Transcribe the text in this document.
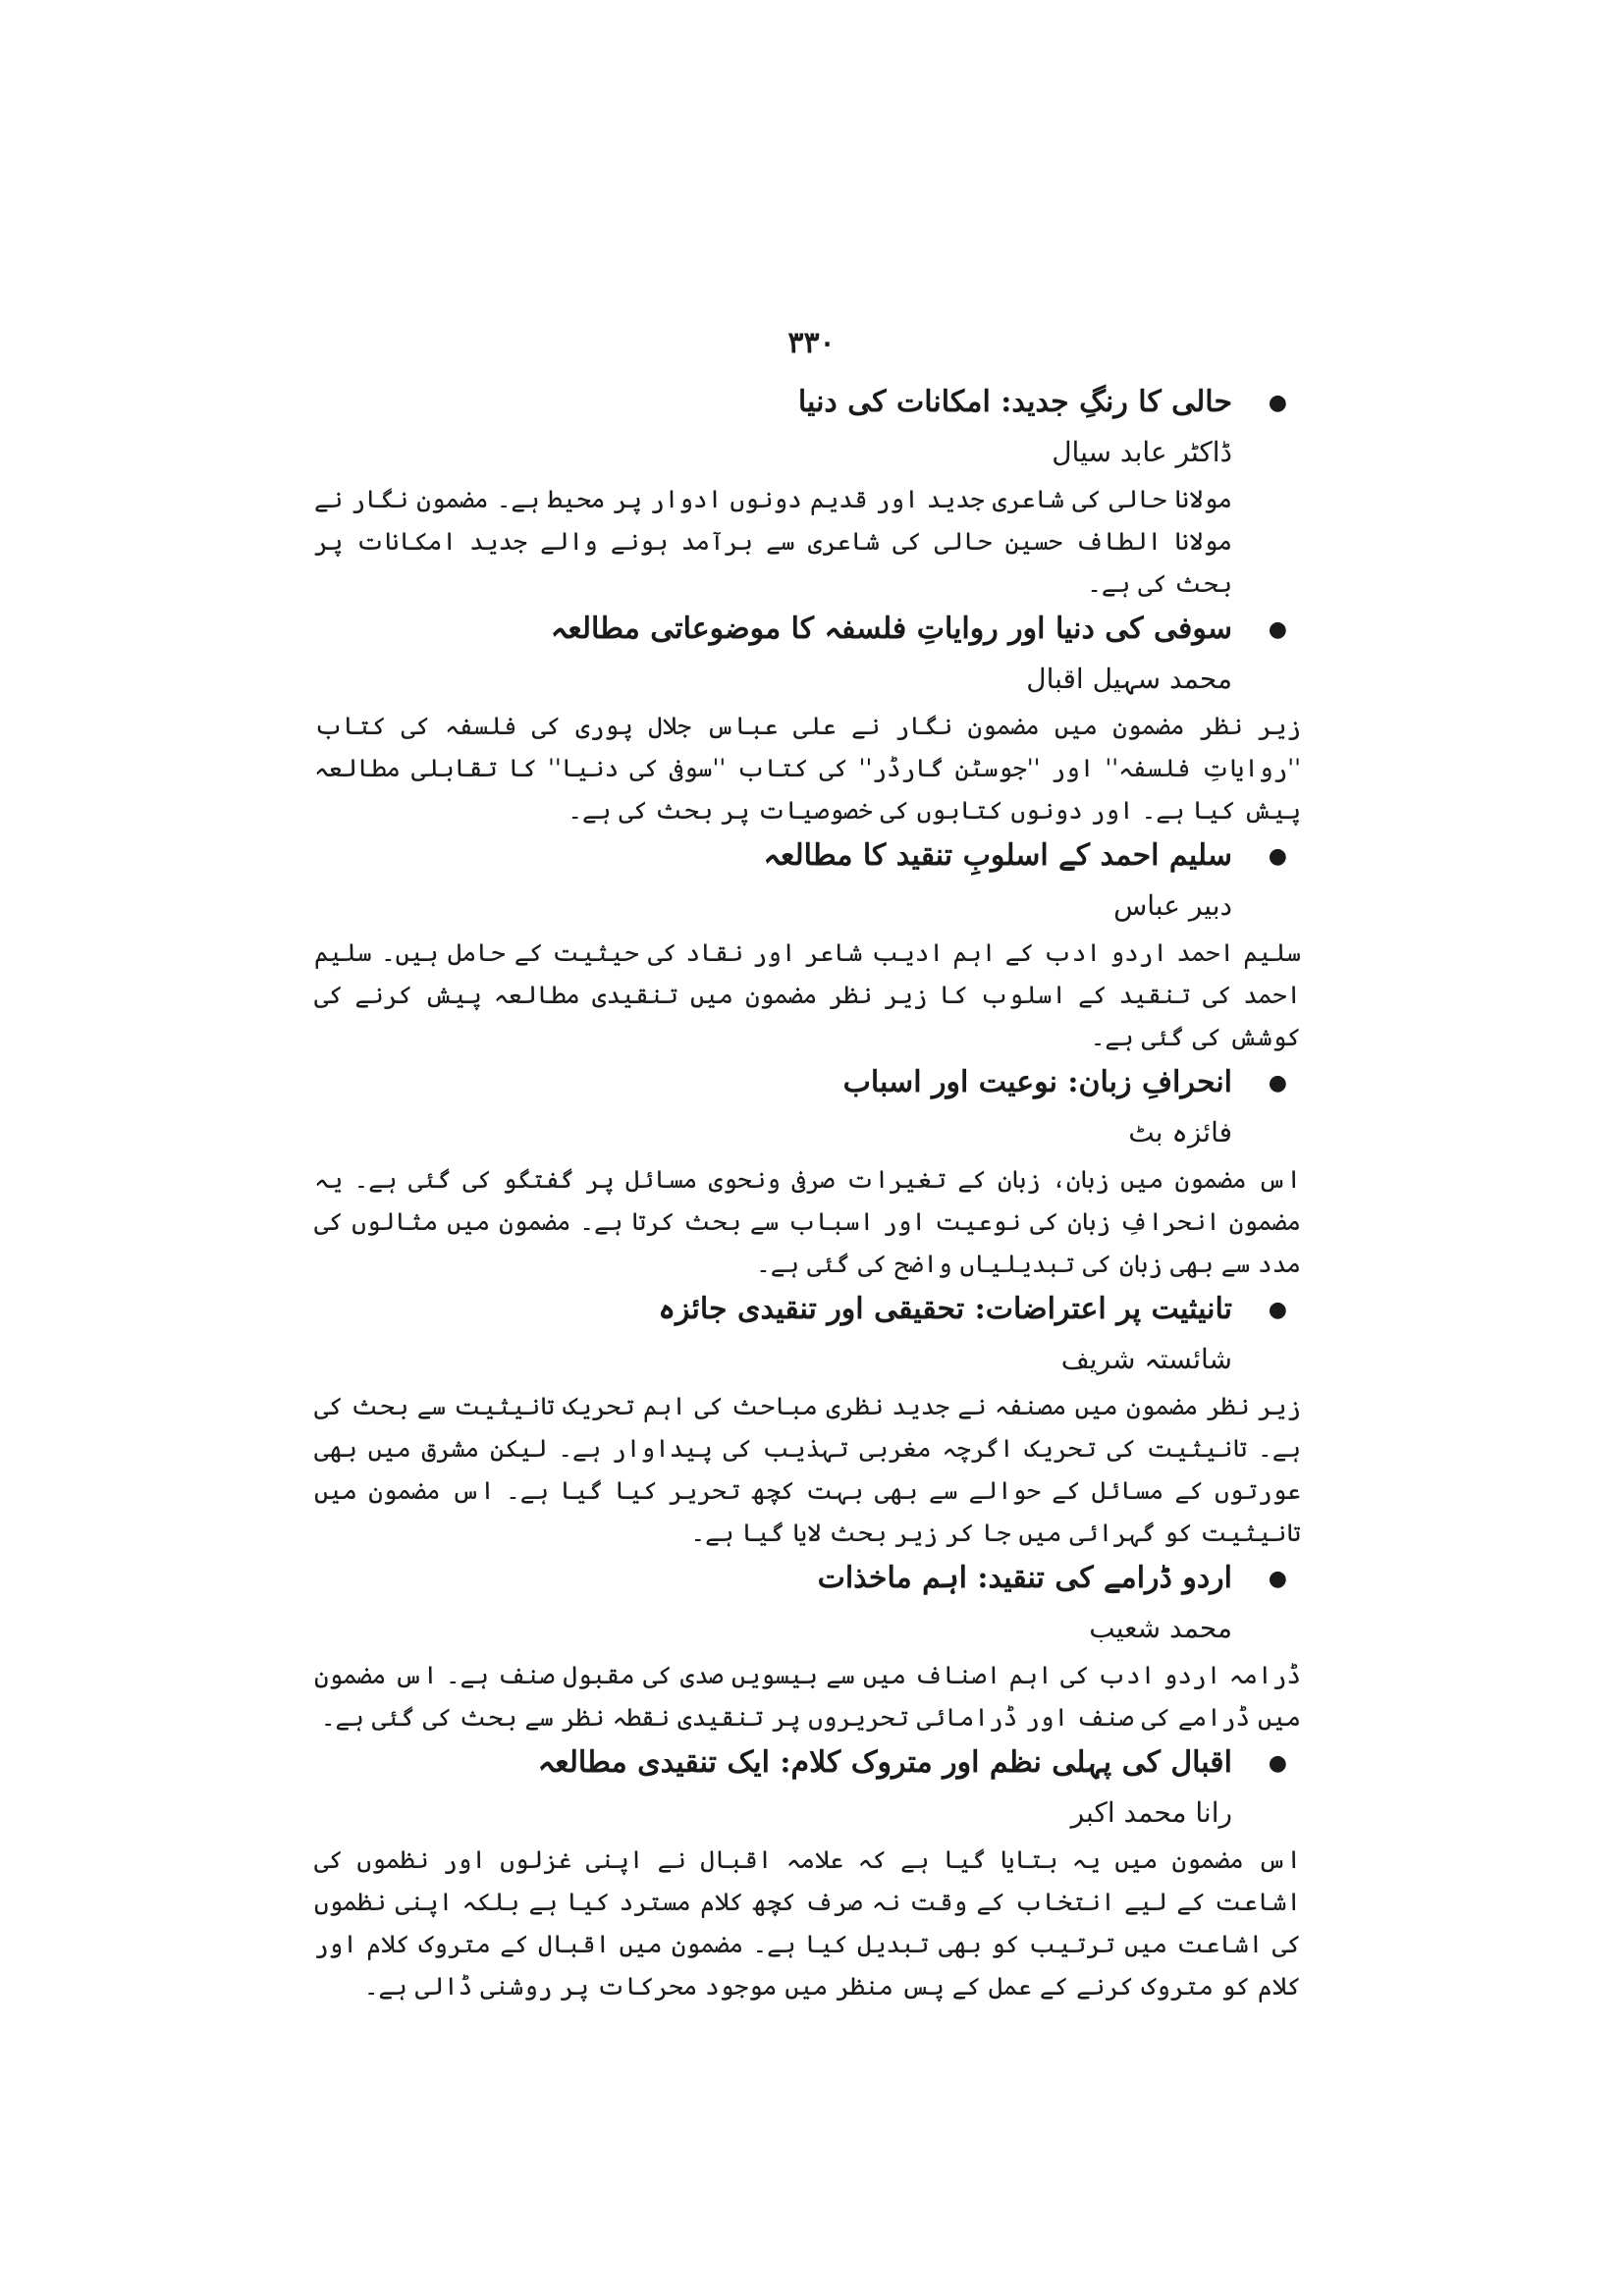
۳۳۰
●
حالی کا رنگِ جدید: امکانات کی دنیا
ڈاکٹر عابد سیال
مولانا حالی کی شاعری جدید اور قدیم دونوں ادوار پر محیط ہے۔ مضمون نگار نے مولانا الطاف حسین حالی کی شاعری سے برآمد ہونے والے جدید امکانات پر بحث کی ہے۔
●
سوفی کی دنیا اور روایاتِ فلسفہ کا موضوعاتی مطالعہ
محمد سہیل اقبال
زیر نظر مضمون میں مضمون نگار نے علی عباس جلال پوری کی فلسفہ کی کتاب ''روایاتِ فلسفہ'' اور ''جوسٹن گارڈر'' کی کتاب ''سوفی کی دنیا'' کا تقابلی مطالعہ پیش کیا ہے۔ اور دونوں کتابوں کی خصوصیات پر بحث کی ہے۔
●
سلیم احمد کے اسلوبِ تنقید کا مطالعہ
دبیر عباس
سلیم احمد اردو ادب کے اہم ادیب شاعر اور نقاد کی حیثیت کے حامل ہیں۔ سلیم احمد کی تنقید کے اسلوب کا زیر نظر مضمون میں تنقیدی مطالعہ پیش کرنے کی کوشش کی گئی ہے۔
●
انحرافِ زبان: نوعیت اور اسباب
فائزہ بٹ
اس مضمون میں زبان، زبان کے تغیرات صرفی ونحوی مسائل پر گفتگو کی گئی ہے۔ یہ مضمون انحرافِ زبان کی نوعیت اور اسباب سے بحث کرتا ہے۔ مضمون میں مثالوں کی مدد سے بھی زبان کی تبدیلیاں واضح کی گئی ہے۔
●
تانیثیت پر اعتراضات: تحقیقی اور تنقیدی جائزہ
شائستہ شریف
زیر نظر مضمون میں مصنفہ نے جدید نظری مباحث کی اہم تحریک تانیثیت سے بحث کی ہے۔ تانیثیت کی تحریک اگرچہ مغربی تہذیب کی پیداوار ہے۔ لیکن مشرق میں بھی عورتوں کے مسائل کے حوالے سے بھی بہت کچھ تحریر کیا گیا ہے۔ اس مضمون میں تانیثیت کو گہرائی میں جا کر زیر بحث لایا گیا ہے۔
●
اردو ڈرامے کی تنقید: اہم ماخذات
محمد شعیب
ڈرامہ اردو ادب کی اہم اصناف میں سے بیسویں صدی کی مقبول صنف ہے۔ اس مضمون میں ڈرامے کی صنف اور ڈرامائی تحریروں پر تنقیدی نقطہ نظر سے بحث کی گئی ہے۔
●
اقبال کی پہلی نظم اور متروک کلام: ایک تنقیدی مطالعہ
رانا محمد اکبر
اس مضمون میں یہ بتایا گیا ہے کہ علامہ اقبال نے اپنی غزلوں اور نظموں کی اشاعت کے لیے انتخاب کے وقت نہ صرف کچھ کلام مسترد کیا ہے بلکہ اپنی نظموں کی اشاعت میں ترتیب کو بھی تبدیل کیا ہے۔ مضمون میں اقبال کے متروک کلام اور کلام کو متروک کرنے کے عمل کے پس منظر میں موجود محرکات پر روشنی ڈالی ہے۔
